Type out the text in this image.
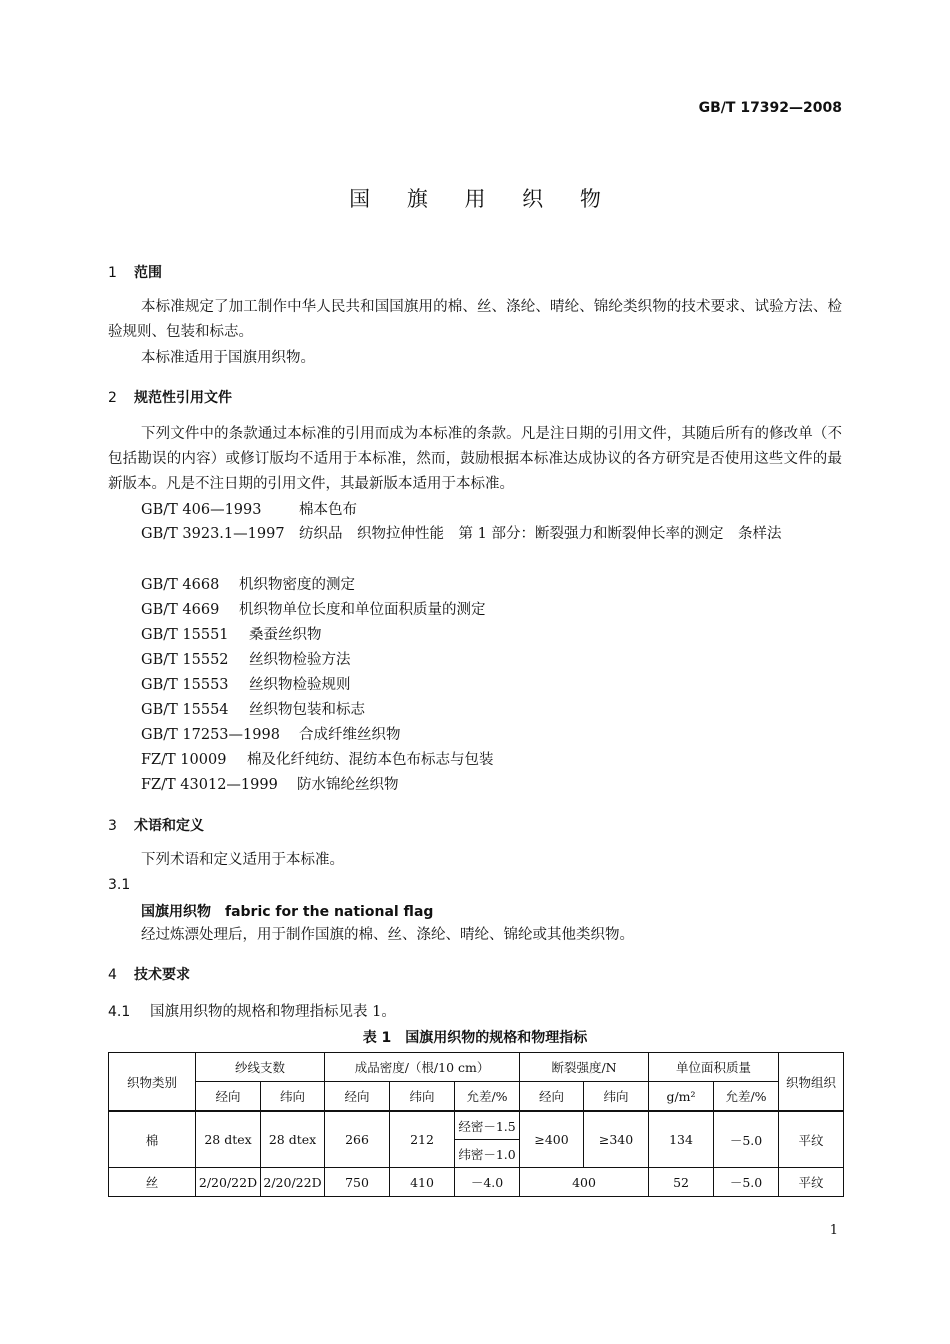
GB/T 17392—2008
国 旗 用 织 物
1 范围
本标准规定了加工制作中华人民共和国国旗用的棉、丝、涤纶、晴纶、锦纶类织物的技术要求、试验方法、检验规则、包装和标志。
本标准适用于国旗用织物。
2 规范性引用文件
下列文件中的条款通过本标准的引用而成为本标准的条款。凡是注日期的引用文件，其随后所有的修改单（不包括勘误的内容）或修订版均不适用于本标准，然而，鼓励根据本标准达成协议的各方研究是否使用这些文件的最新版本。凡是不注日期的引用文件，其最新版本适用于本标准。
GB/T 406—1993	棉本色布
GB/T 3923.1—1997　 纺织品　织物拉伸性能　第 1 部分：断裂强力和断裂伸长率的测定　条样法
GB/T 4668 机织物密度的测定
GB/T 4669 机织物单位长度和单位面积质量的测定
GB/T 15551 桑蚕丝织物
GB/T 15552 丝织物检验方法
GB/T 15553 丝织物检验规则
GB/T 15554 丝织物包装和标志
GB/T 17253—1998 合成纤维丝织物
FZ/T 10009 棉及化纤纯纺、混纺本色布标志与包装
FZ/T 43012—1999 防水锦纶丝织物
3 术语和定义
下列术语和定义适用于本标准。
3.1
国旗用织物　 fabric for the national flag
经过炼漂处理后，用于制作国旗的棉、丝、涤纶、晴纶、锦纶或其他类织物。
4 技术要求
4.1 国旗用织物的规格和物理指标见表 1。
表 1　国旗用织物的规格和物理指标
织物类别	纱线支数		成品密度/（根/10 cm）			断裂强度/N		单位面积质量		织物组织
	经向	纬向	经向	纬向	允差/%	经向	纬向	g/m²	允差/%	
棉	28 dtex	28 dtex	266	212	经密－1.5	≥400	≥340	134	－5.0	平纹
					纬密－1.0					
丝	2/20/22D	2/20/22D	750	410	－4.0	400		52	－5.0	平纹
1
